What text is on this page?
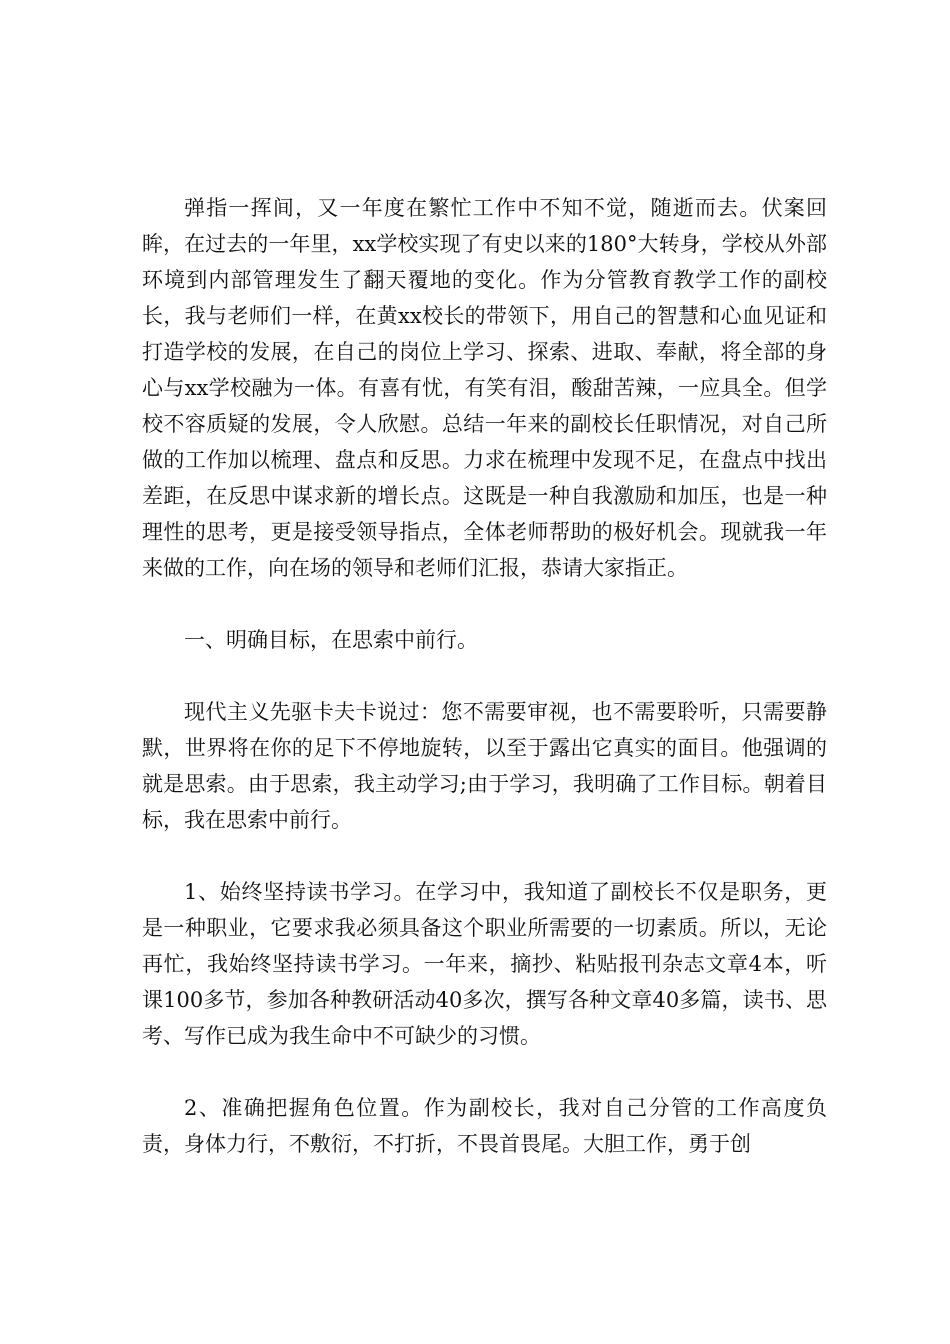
弹指一挥间，又一年度在繁忙工作中不知不觉，随逝而去。伏案回眸，在过去的一年里，xx学校实现了有史以来的180°大转身，学校从外部环境到内部管理发生了翻天覆地的变化。作为分管教育教学工作的副校长，我与老师们一样，在黄xx校长的带领下，用自己的智慧和心血见证和打造学校的发展，在自己的岗位上学习、探索、进取、奉献，将全部的身心与xx学校融为一体。有喜有忧，有笑有泪，酸甜苦辣，一应具全。但学校不容质疑的发展，令人欣慰。总结一年来的副校长任职情况，对自己所做的工作加以梳理、盘点和反思。力求在梳理中发现不足，在盘点中找出差距，在反思中谋求新的增长点。这既是一种自我激励和加压，也是一种理性的思考，更是接受领导指点，全体老师帮助的极好机会。现就我一年来做的工作，向在场的领导和老师们汇报，恭请大家指正。

一、明确目标，在思索中前行。

现代主义先驱卡夫卡说过：您不需要审视，也不需要聆听，只需要静默，世界将在你的足下不停地旋转，以至于露出它真实的面目。他强调的就是思索。由于思索，我主动学习;由于学习，我明确了工作目标。朝着目标，我在思索中前行。

1、始终坚持读书学习。在学习中，我知道了副校长不仅是职务，更是一种职业，它要求我必须具备这个职业所需要的一切素质。所以，无论再忙，我始终坚持读书学习。一年来，摘抄、粘贴报刊杂志文章4本，听课100多节，参加各种教研活动40多次，撰写各种文章40多篇，读书、思考、写作已成为我生命中不可缺少的习惯。

2、准确把握角色位置。作为副校长，我对自己分管的工作高度负责，身体力行，不敷衍，不打折，不畏首畏尾。大胆工作，勇于创
